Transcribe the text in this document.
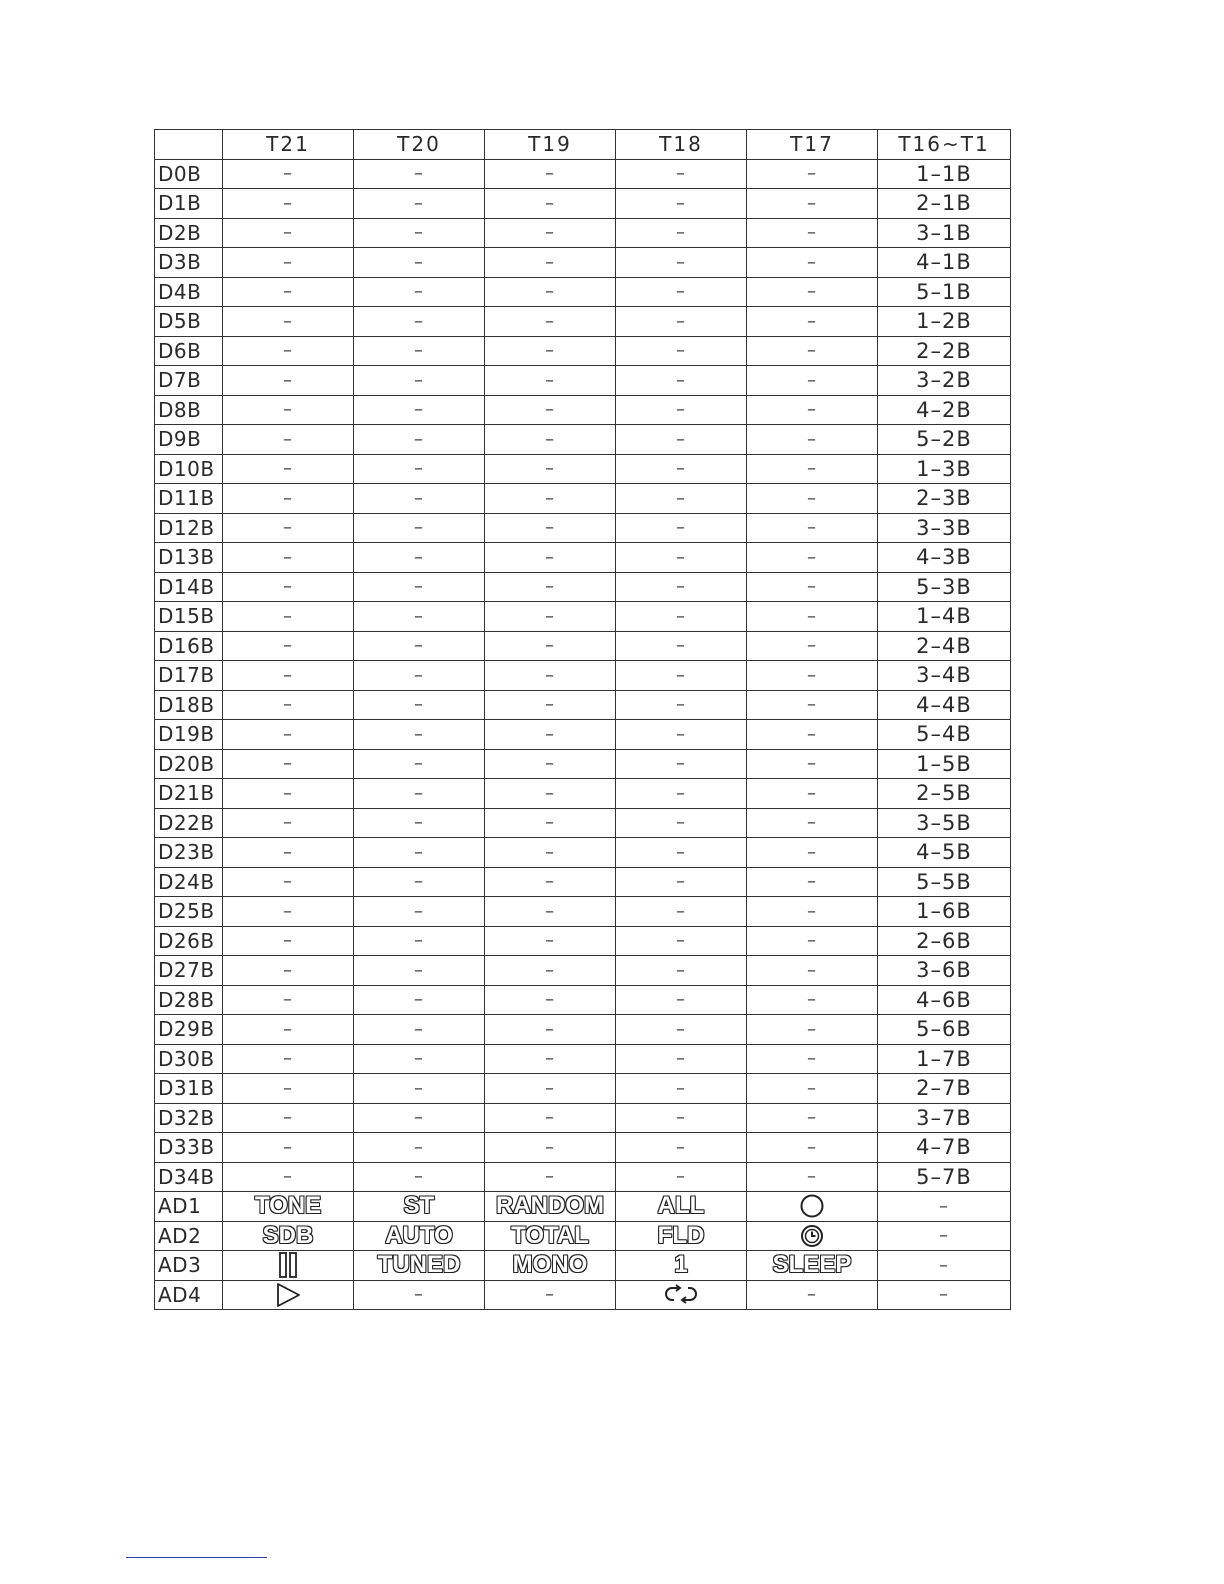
	T21	T20	T19	T18	T17	T16~T1
D0B	–	–	–	–	–	1–1B
D1B	–	–	–	–	–	2–1B
D2B	–	–	–	–	–	3–1B
D3B	–	–	–	–	–	4–1B
D4B	–	–	–	–	–	5–1B
D5B	–	–	–	–	–	1–2B
D6B	–	–	–	–	–	2–2B
D7B	–	–	–	–	–	3–2B
D8B	–	–	–	–	–	4–2B
D9B	–	–	–	–	–	5–2B
D10B	–	–	–	–	–	1–3B
D11B	–	–	–	–	–	2–3B
D12B	–	–	–	–	–	3–3B
D13B	–	–	–	–	–	4–3B
D14B	–	–	–	–	–	5–3B
D15B	–	–	–	–	–	1–4B
D16B	–	–	–	–	–	2–4B
D17B	–	–	–	–	–	3–4B
D18B	–	–	–	–	–	4–4B
D19B	–	–	–	–	–	5–4B
D20B	–	–	–	–	–	1–5B
D21B	–	–	–	–	–	2–5B
D22B	–	–	–	–	–	3–5B
D23B	–	–	–	–	–	4–5B
D24B	–	–	–	–	–	5–5B
D25B	–	–	–	–	–	1–6B
D26B	–	–	–	–	–	2–6B
D27B	–	–	–	–	–	3–6B
D28B	–	–	–	–	–	4–6B
D29B	–	–	–	–	–	5–6B
D30B	–	–	–	–	–	1–7B
D31B	–	–	–	–	–	2–7B
D32B	–	–	–	–	–	3–7B
D33B	–	–	–	–	–	4–7B
D34B	–	–	–	–	–	5–7B
AD1	TONE	ST	RANDOM	ALL		–
AD2	SDB	AUTO	TOTAL	FLD		–
AD3		TUNED	MONO	1	SLEEP	–
AD4		–	–		–	–
